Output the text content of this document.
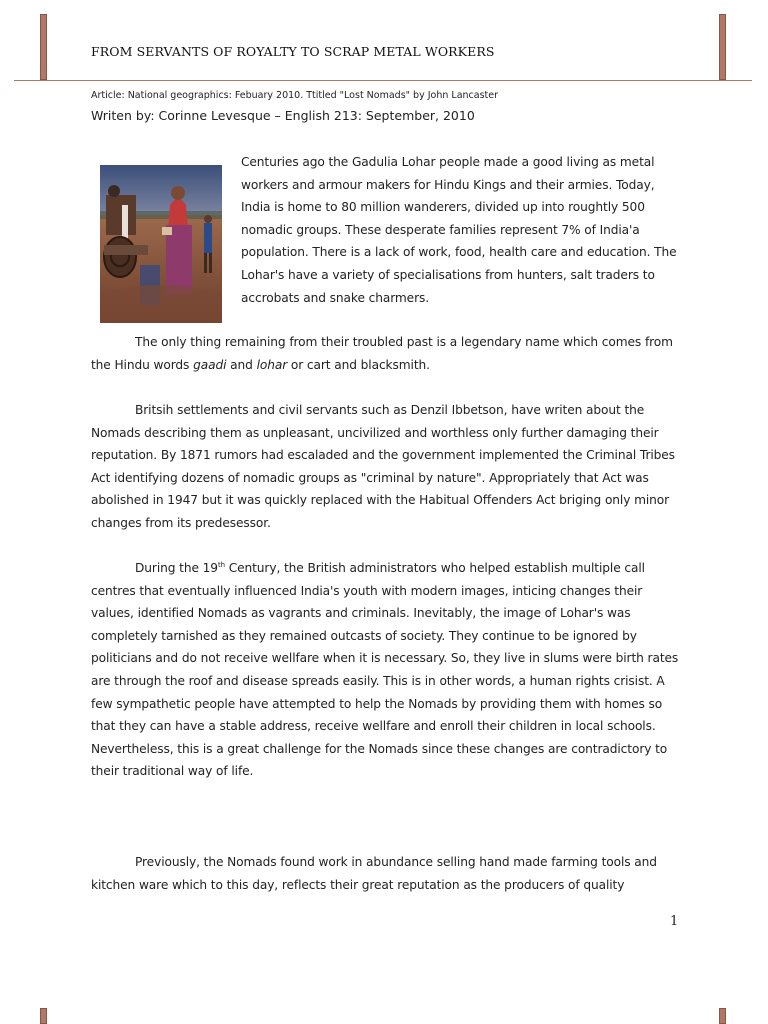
FROM SERVANTS OF ROYALTY TO SCRAP METAL WORKERS
Article: National geographics: Febuary 2010. Ttitled "Lost Nomads" by John Lancaster
Writen by: Corinne Levesque – English 213: September, 2010

Centuries ago the Gadulia Lohar people made a good living as metal workers and armour makers for Hindu Kings and their armies. Today, India is home to 80 million wanderers, divided up into roughtly 500 nomadic groups. These desperate families represent 7% of India'a population. There is a lack of work, food, health care and education. The Lohar's have a variety of specialisations from hunters, salt traders to accrobats and snake charmers.

The only thing remaining from their troubled past is a legendary name which comes from the Hindu words gaadi and lohar or cart and blacksmith.

Britsih settlements and civil servants such as Denzil Ibbetson, have writen about the Nomads describing them as unpleasant, uncivilized and worthless only further damaging their reputation. By 1871 rumors had escaladed and the government implemented the Criminal Tribes Act identifying dozens of nomadic groups as "criminal by nature". Appropriately that Act was abolished in 1947 but it was quickly replaced with the Habitual Offenders Act briging only minor changes from its predesessor.

During the 19th Century, the British administrators who helped establish multiple call centres that eventually influenced India's youth with modern images, inticing changes their values, identified Nomads as vagrants and criminals. Inevitably, the image of Lohar's was completely tarnished as they remained outcasts of society. They continue to be ignored by politicians and do not receive wellfare when it is necessary. So, they live in slums were birth rates are through the roof and disease spreads easily. This is in other words, a human rights crisist. A few sympathetic people have attempted to help the Nomads by providing them with homes so that they can have a stable address, receive wellfare and enroll their children in local schools. Nevertheless, this is a great challenge for the Nomads since these changes are contradictory to their traditional way of life.

Previously, the Nomads found work in abundance selling hand made farming tools and kitchen ware which to this day, reflects their great reputation as the producers of quality

1
